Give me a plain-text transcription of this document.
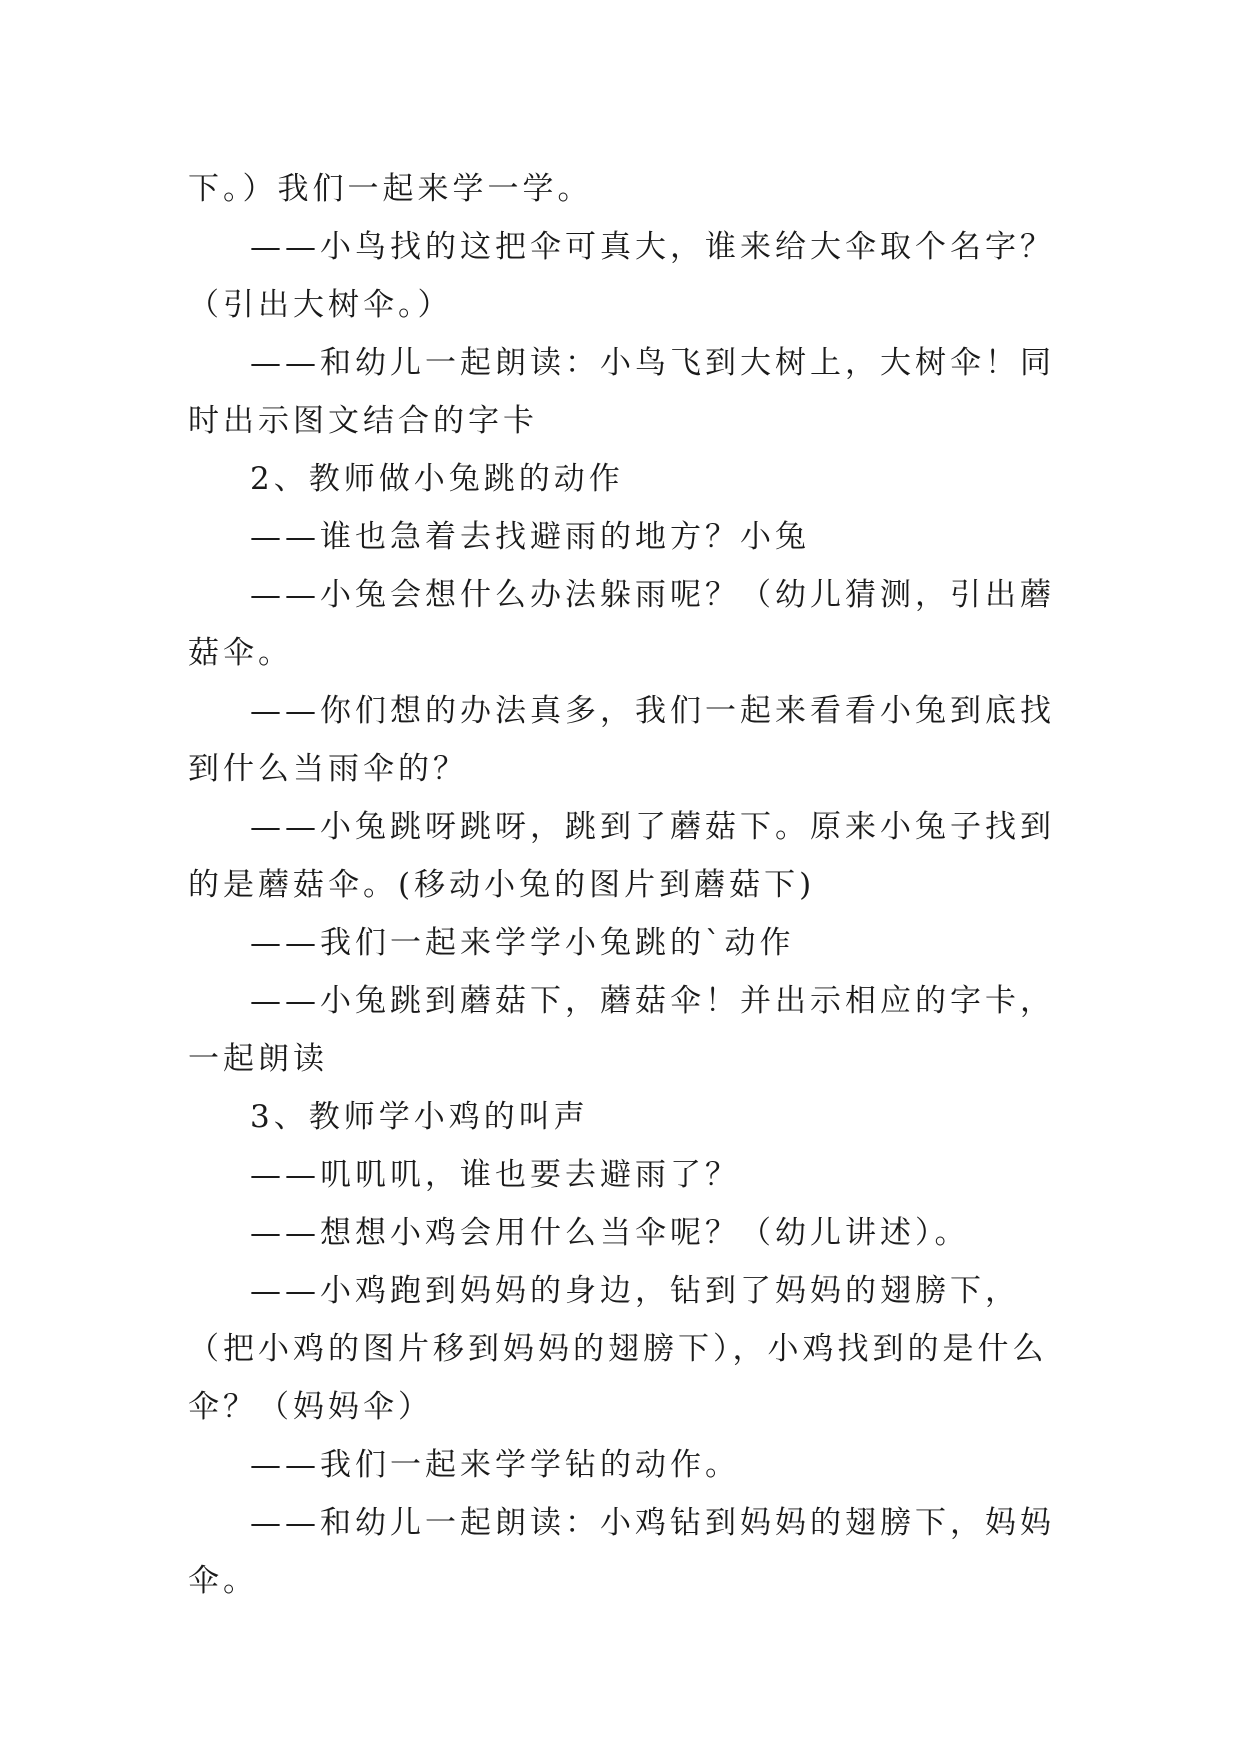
下。）我们一起来学一学。

——小鸟找的这把伞可真大，谁来给大伞取个名字？（引出大树伞。）

——和幼儿一起朗读：小鸟飞到大树上，大树伞！同时出示图文结合的字卡

2、教师做小兔跳的动作

——谁也急着去找避雨的地方？小兔

——小兔会想什么办法躲雨呢？（幼儿猜测，引出蘑菇伞。

——你们想的办法真多，我们一起来看看小兔到底找到什么当雨伞的？

——小兔跳呀跳呀，跳到了蘑菇下。原来小兔子找到的是蘑菇伞。(移动小兔的图片到蘑菇下)

——我们一起来学学小兔跳的`动作

——小兔跳到蘑菇下，蘑菇伞！并出示相应的字卡，一起朗读

3、教师学小鸡的叫声

——叽叽叽，谁也要去避雨了？

——想想小鸡会用什么当伞呢？（幼儿讲述）。

——小鸡跑到妈妈的身边，钻到了妈妈的翅膀下，（把小鸡的图片移到妈妈的翅膀下），小鸡找到的是什么伞？（妈妈伞）

——我们一起来学学钻的动作。

——和幼儿一起朗读：小鸡钻到妈妈的翅膀下，妈妈伞。
